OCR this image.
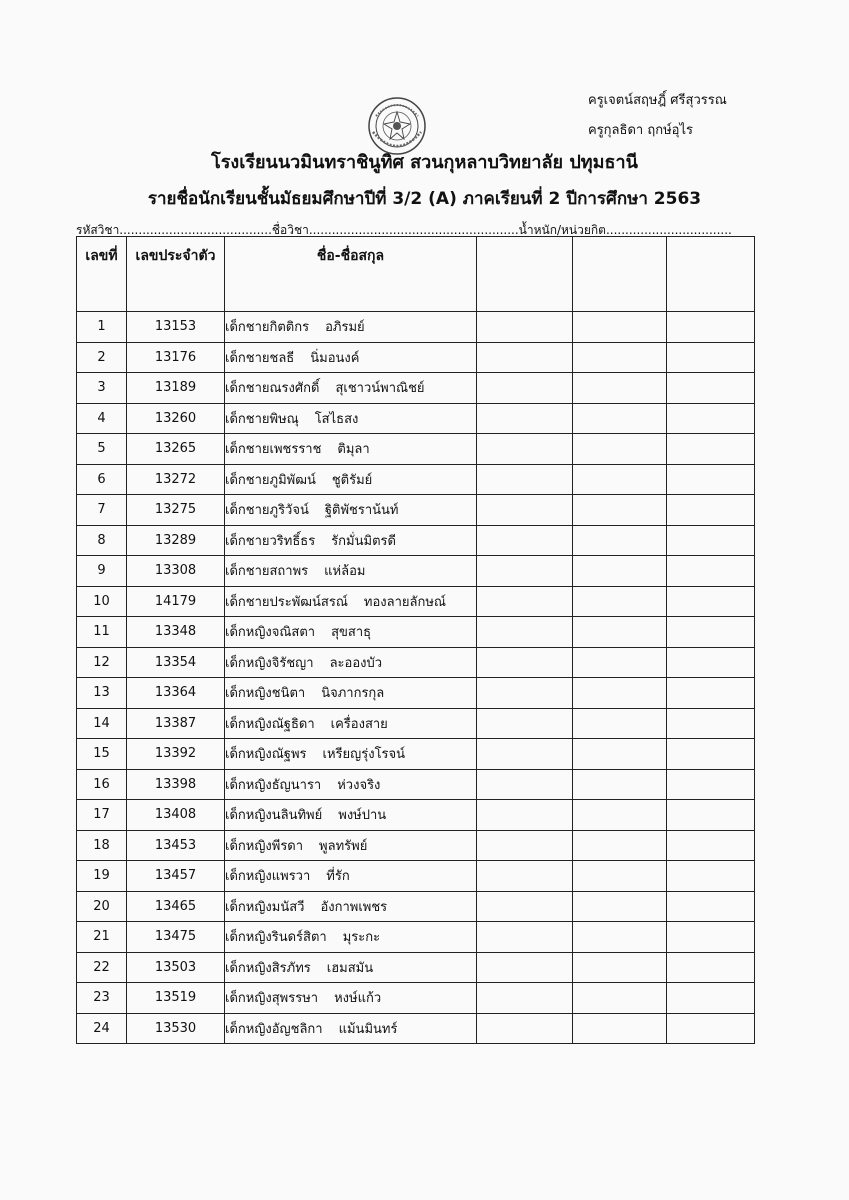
ครูเจตน์สฤษฎิ์ ศรีสุวรรณ
ครูกุลธิดา ฤกษ์อุไร
โรงเรียนนวมินทราชินูทิศ สวนกุหลาบวิทยาลัย ปทุมธานี
รายชื่อนักเรียนชั้นมัธยมศึกษาปีที่ 3/2 (A) ภาคเรียนที่ 2 ปีการศึกษา 2563
รหัสวิชา........................................ชื่อวิชา.......................................................น้ำหนัก/หน่วยกิต.................................
เลขที่	เลขประจำตัว	ชื่อ-ชื่อสกุล			
1	13153	เด็กชายกิตติกร อภิรมย์			
2	13176	เด็กชายชลธี นิ่มอนงค์			
3	13189	เด็กชายณรงศักดิ์ สุเชาวน์พาณิชย์			
4	13260	เด็กชายพิษณุ โสไธสง			
5	13265	เด็กชายเพชรราช ติมุลา			
6	13272	เด็กชายภูมิพัฒน์ ชูติรัมย์			
7	13275	เด็กชายภูริวัจน์ ฐิติพัชราน้นท์			
8	13289	เด็กชายวริทธิ์ธร รักมั่นมิตรดี			
9	13308	เด็กชายสถาพร แห่ล้อม			
10	14179	เด็กชายประพัฒน์สรณ์ ทองลายลักษณ์			
11	13348	เด็กหญิงจณิสตา สุขสาธุ			
12	13354	เด็กหญิงจิรัชญา ละอองบัว			
13	13364	เด็กหญิงชนิตา นิจภากรกุล			
14	13387	เด็กหญิงณัฐธิดา เครื่องสาย			
15	13392	เด็กหญิงณัฐพร เหรียญรุ่งโรจน์			
16	13398	เด็กหญิงธัญนารา ห่วงจริง			
17	13408	เด็กหญิงนลินทิพย์ พงษ์ปาน			
18	13453	เด็กหญิงพีรดา พูลทรัพย์			
19	13457	เด็กหญิงแพรวา ที่รัก			
20	13465	เด็กหญิงมนัสวี อังกาพเพชร			
21	13475	เด็กหญิงรินดร์สิตา มุระกะ			
22	13503	เด็กหญิงสิรภัทร เฮมสมัน			
23	13519	เด็กหญิงสุพรรษา หงษ์แก้ว			
24	13530	เด็กหญิงอัญชลิกา แม้นมินทร์			
